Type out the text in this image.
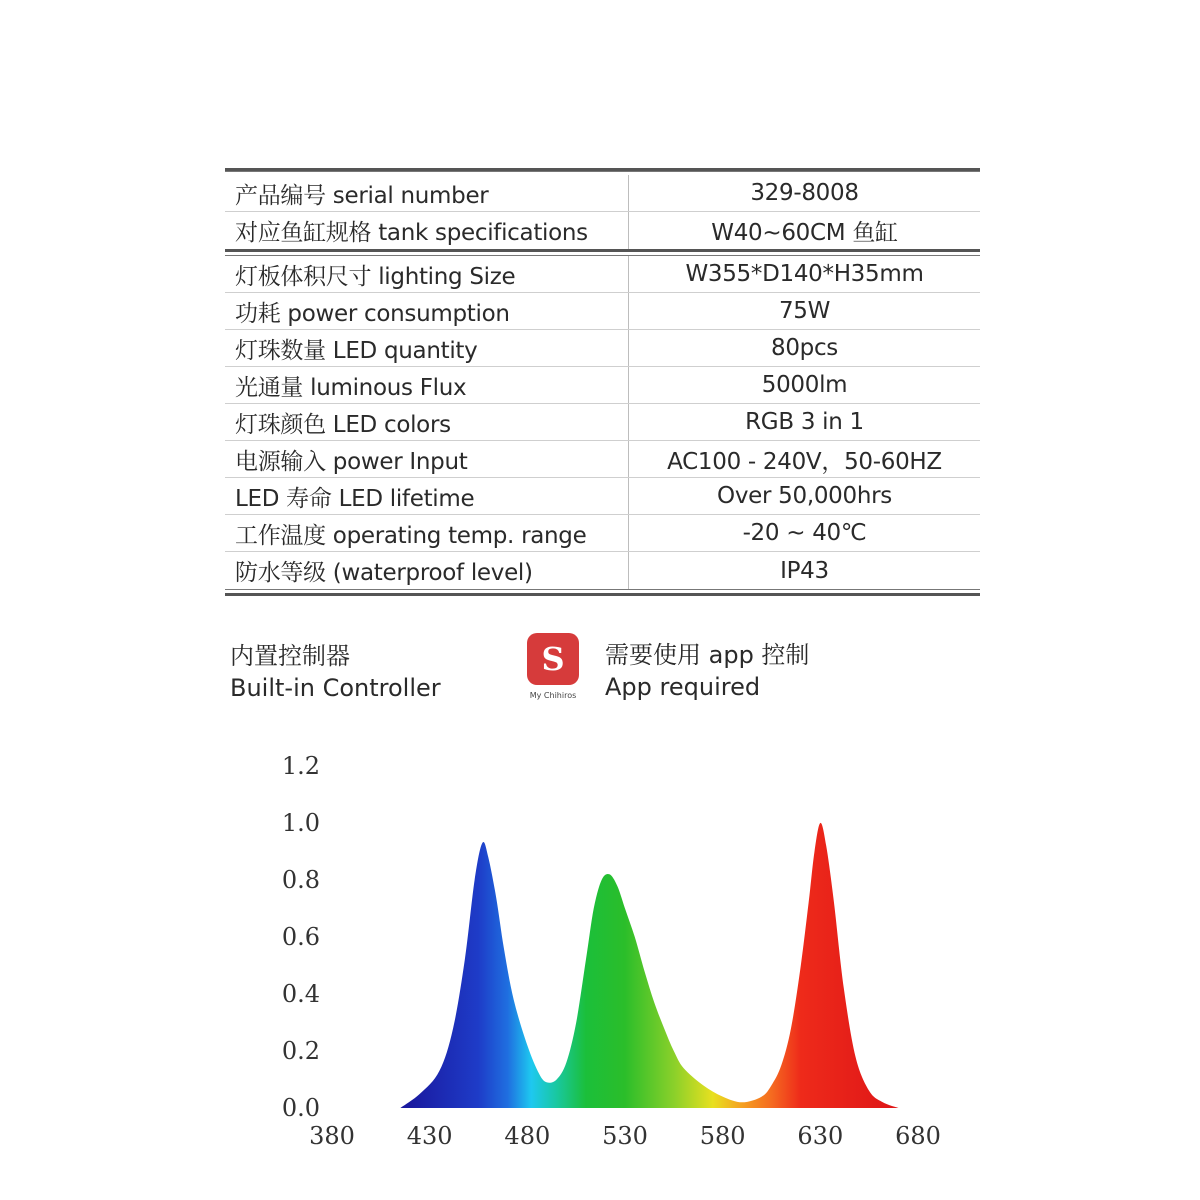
产品编号 serial number	329-8008
对应鱼缸规格 tank specifications	W40~60CM 鱼缸
灯板体积尺寸 lighting Size	W355*D140*H35mm
功耗 power consumption	75W
灯珠数量 LED quantity	80pcs
光通量 luminous Flux	5000lm
灯珠颜色 LED colors	RGB 3 in 1
电源输入 power Input	AC100 - 240V，50-60HZ
LED 寿命 LED lifetime	Over 50,000hrs
工作温度 operating temp. range	-20 ~ 40℃
防水等级 (waterproof level)	IP43
内置控制器
Built-in Controller
S
My Chihiros
需要使用 app 控制
App required
0.0
0.2
0.4
0.6
0.8
1.0
1.2
380 430 480 530 580 630 680
